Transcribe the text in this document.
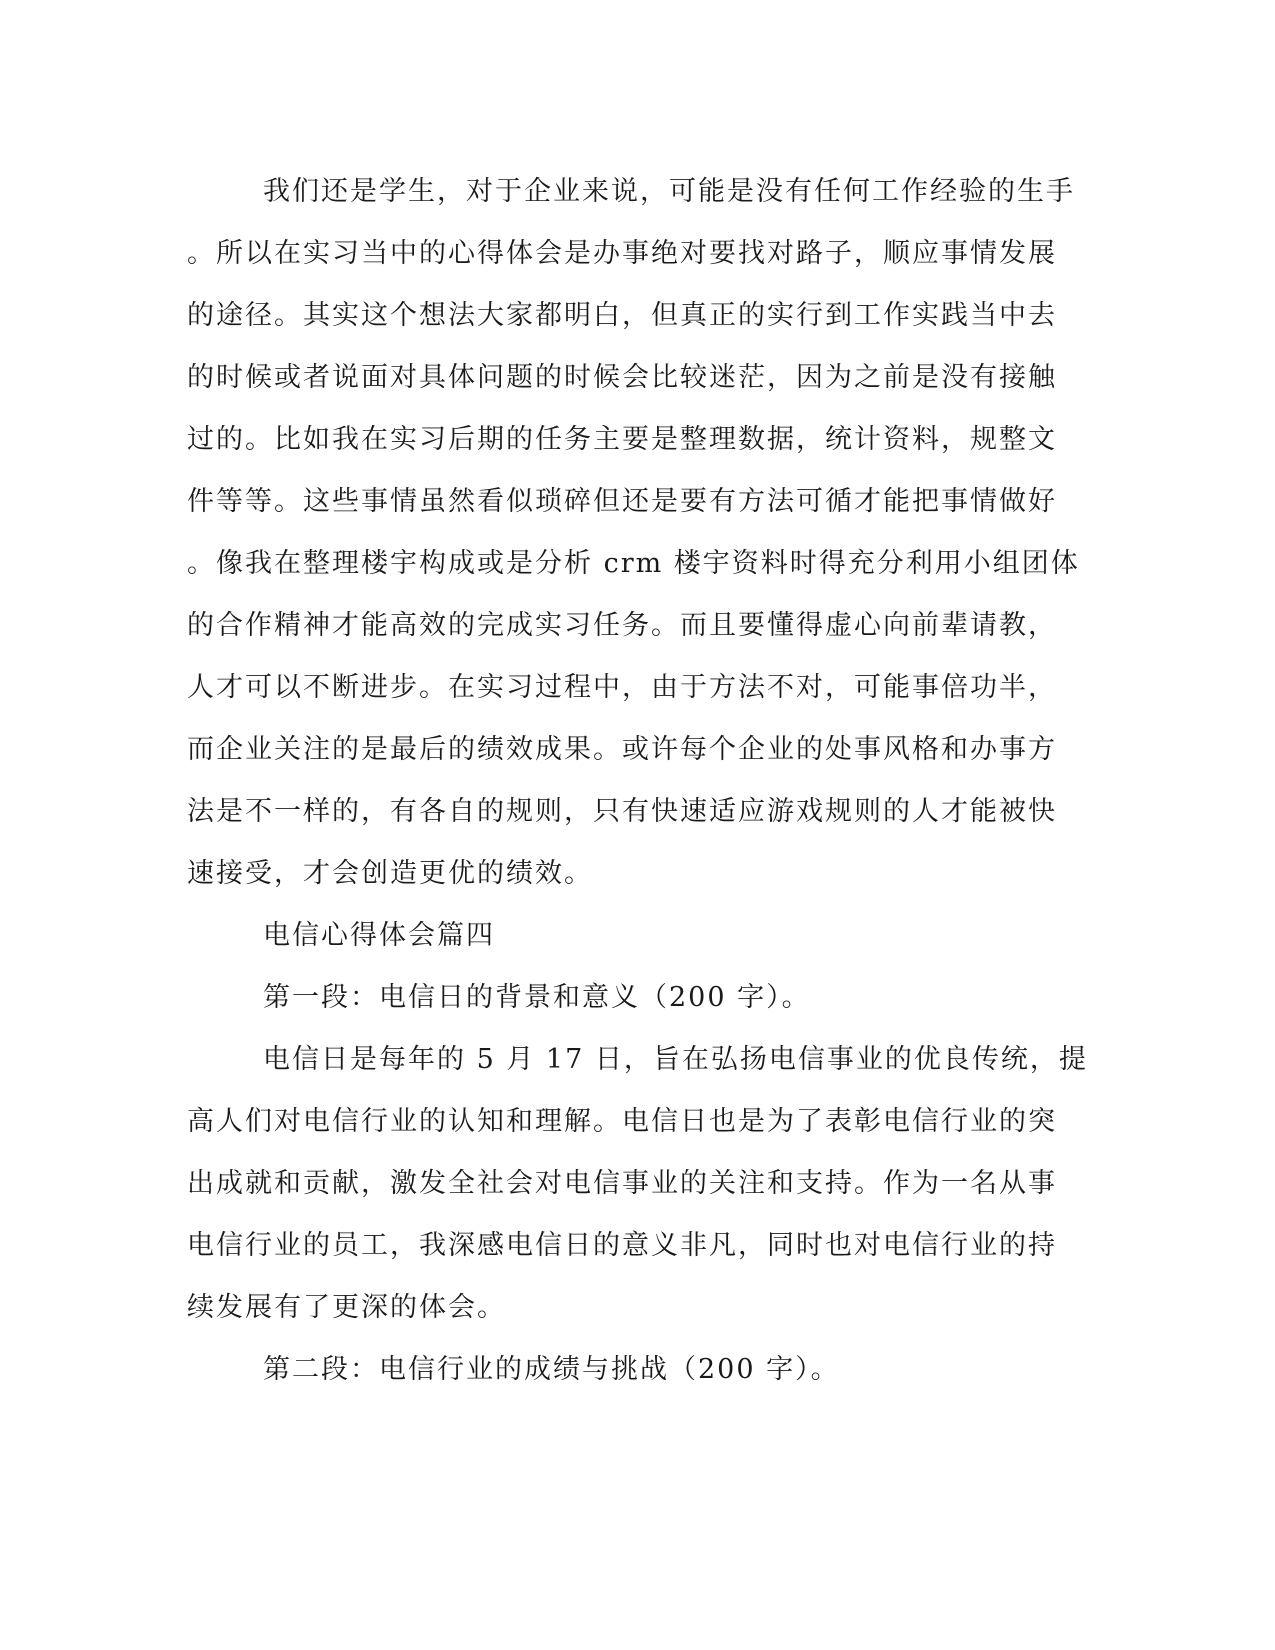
我们还是学生，对于企业来说，可能是没有任何工作经验的生手
。所以在实习当中的心得体会是办事绝对要找对路子，顺应事情发展
的途径。其实这个想法大家都明白，但真正的实行到工作实践当中去
的时候或者说面对具体问题的时候会比较迷茫，因为之前是没有接触
过的。比如我在实习后期的任务主要是整理数据，统计资料，规整文
件等等。这些事情虽然看似琐碎但还是要有方法可循才能把事情做好
。像我在整理楼宇构成或是分析 crm 楼宇资料时得充分利用小组团体
的合作精神才能高效的完成实习任务。而且要懂得虚心向前辈请教，
人才可以不断进步。在实习过程中，由于方法不对，可能事倍功半，
而企业关注的是最后的绩效成果。或许每个企业的处事风格和办事方
法是不一样的，有各自的规则，只有快速适应游戏规则的人才能被快
速接受，才会创造更优的绩效。
电信心得体会篇四
第一段：电信日的背景和意义（200 字）。
电信日是每年的 5 月 17 日，旨在弘扬电信事业的优良传统，提
高人们对电信行业的认知和理解。电信日也是为了表彰电信行业的突
出成就和贡献，激发全社会对电信事业的关注和支持。作为一名从事
电信行业的员工，我深感电信日的意义非凡，同时也对电信行业的持
续发展有了更深的体会。
第二段：电信行业的成绩与挑战（200 字）。
